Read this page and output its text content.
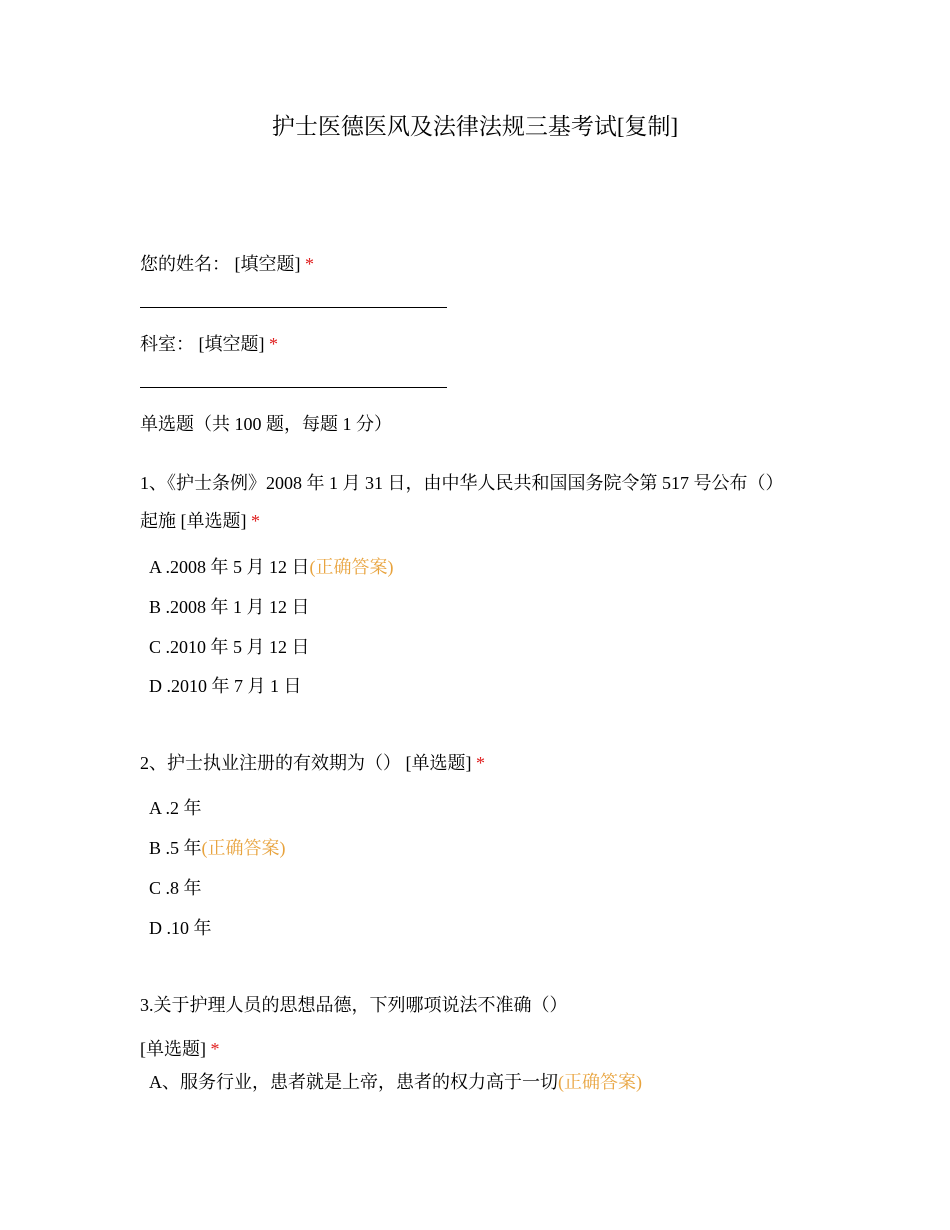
护士医德医风及法律法规三基考试[复制]
您的姓名： [填空题] *
科室： [填空题] *
单选题（共 100 题，每题 1 分）
1、《护士条例》2008 年 1 月 31 日，由中华人民共和国国务院令第 517 号公布（）
起施 [单选题] *
A .2008 年 5 月 12 日(正确答案)
B .2008 年 1 月 12 日
C .2010 年 5 月 12 日
D .2010 年 7 月 1 日
2、护士执业注册的有效期为（） [单选题] *
A .2 年
B .5 年(正确答案)
C .8 年
D .10 年
3.关于护理人员的思想品德，下列哪项说法不准确（）
[单选题] *
A、服务行业，患者就是上帝，患者的权力高于一切(正确答案)
